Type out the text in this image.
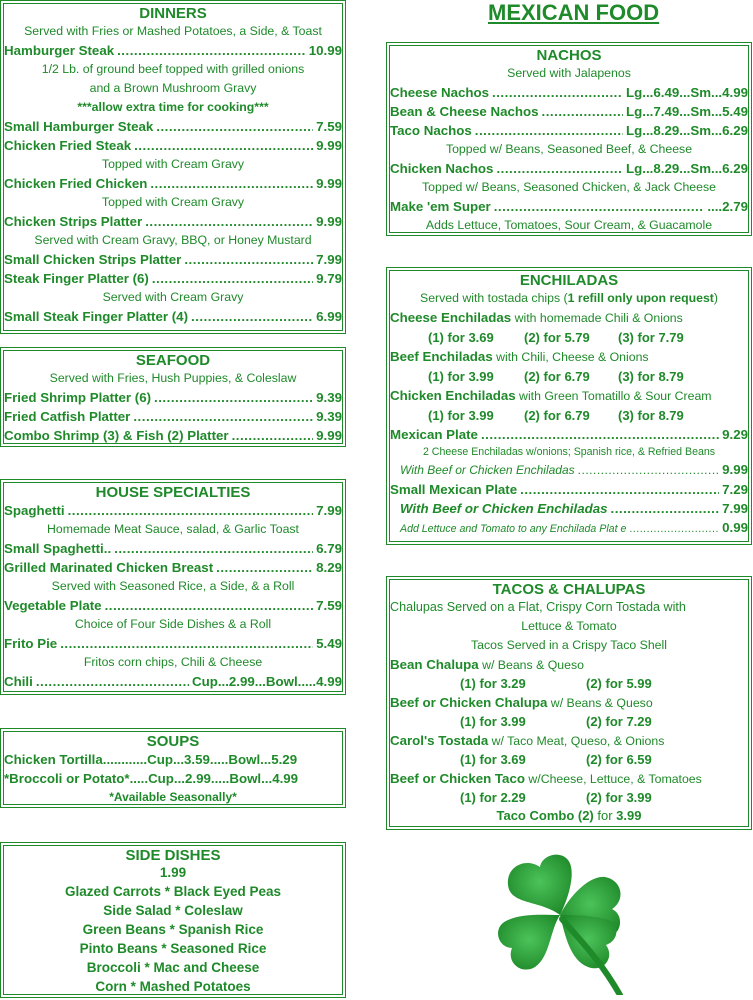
MEXICAN FOOD
DINNERS
Served with Fries or Mashed Potatoes, a Side, & Toast
Hamburger Steak .....	10.99
1/2 Lb. of ground beef topped with grilled onions
and a Brown Mushroom Gravy
***allow extra time for cooking***
Small Hamburger Steak .....	7.59
Chicken Fried Steak .....	9.99
Topped with Cream Gravy
Chicken Fried Chicken .....	9.99
Topped with Cream Gravy
Chicken Strips Platter .....	9.99
Served with Cream Gravy, BBQ, or Honey Mustard
Small Chicken Strips Platter .....	7.99
Steak Finger Platter (6) .....	9.79
Served with Cream Gravy
Small Steak Finger Platter (4) .....	6.99
SEAFOOD
Served with Fries, Hush Puppies, & Coleslaw
Fried Shrimp Platter (6) .....	9.39
Fried Catfish Platter .....	9.39
Combo Shrimp (3) & Fish (2) Platter .....	9.99
HOUSE SPECIALTIES
Spaghetti .....	7.99
Homemade Meat Sauce, salad, & Garlic Toast
Small Spaghetti.. .....	6.79
Grilled Marinated Chicken Breast .....	8.29
Served with Seasoned Rice, a Side, & a Roll
Vegetable Plate .....	7.59
Choice of Four Side Dishes & a Roll
Frito Pie .....	5.49
Fritos corn chips, Chili & Cheese
Chili .....	Cup...2.99...Bowl.....4.99
SOUPS
Chicken Tortilla............Cup...3.59.....Bowl...5.29
*Broccoli or Potato*.....Cup...2.99.....Bowl...4.99
*Available Seasonally*
SIDE DISHES
1.99
Glazed Carrots * Black Eyed Peas
Side Salad * Coleslaw
Green Beans * Spanish Rice
Pinto Beans * Seasoned Rice
Broccoli * Mac and Cheese
Corn * Mashed Potatoes
NACHOS
Served with Jalapenos
Cheese Nachos .....	Lg...6.49...Sm...4.99
Bean & Cheese Nachos .....	Lg...7.49...Sm...5.49
Taco Nachos .....	Lg...8.29...Sm...6.29
Topped w/ Beans, Seasoned Beef, & Cheese
Chicken Nachos .....	Lg...8.29...Sm...6.29
Topped w/ Beans, Seasoned Chicken, & Jack Cheese
Make 'em Super .....	....2.79
Adds Lettuce, Tomatoes, Sour Cream, & Guacamole
ENCHILADAS
Served with tostada chips (1 refill only upon request)
Cheese Enchiladas with homemade Chili & Onions
(1) for 3.69 (2) for 5.79 (3) for 7.79
Beef Enchiladas with Chili, Cheese & Onions
(1) for 3.99 (2) for 6.79 (3) for 8.79
Chicken Enchiladas with Green Tomatillo & Sour Cream
(1) for 3.99 (2) for 6.79 (3) for 8.79
Mexican Plate .....	9.29
2 Cheese Enchiladas w/onions; Spanish rice, & Refried Beans
With Beef or Chicken Enchiladas .....	9.99
Small Mexican Plate .....	7.29
With Beef or Chicken Enchiladas .....	7.99
Add Lettuce and Tomato to any Enchilada Plat e .....	0.99
TACOS & CHALUPAS
Chalupas Served on a Flat, Crispy Corn Tostada with
Lettuce & Tomato
Tacos Served in a Crispy Taco Shell
Bean Chalupa w/ Beans & Queso
(1) for 3.29	(2) for 5.99
Beef or Chicken Chalupa w/ Beans & Queso
(1) for 3.99	(2) for 7.29
Carol's Tostada w/ Taco Meat, Queso, & Onions
(1) for 3.69	(2) for 6.59
Beef or Chicken Taco w/Cheese, Lettuce, & Tomatoes
(1) for 2.29	(2) for 3.99
Taco Combo (2) for 3.99
